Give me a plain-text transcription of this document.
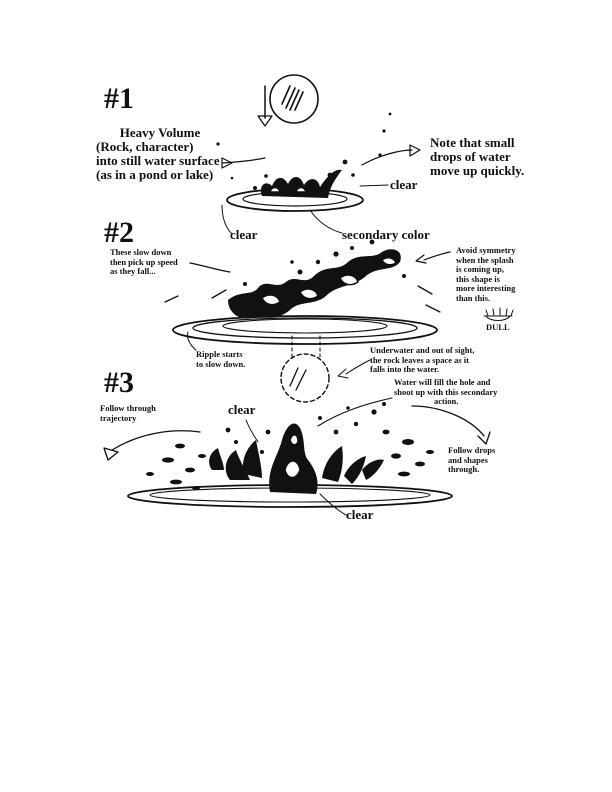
#1
#2
#3
Heavy Volume
(Rock, character)
into still water surface
(as in a pond or lake)
Note that small
drops of water
move up quickly.
clear
clear	secondary color
These slow down
then pick up speed
as they fall...
Avoid symmetry
when the splash
is coming up,
this shape is
more interesting
than this.
DULL
Ripple starts
to slow down.
Underwater and out of sight,
the rock leaves a space as it
falls into the water.
Follow through
trajectory
clear
Water will fill the hole and
shoot up with this secondary
action.
Follow drops
and shapes
through.
clear
